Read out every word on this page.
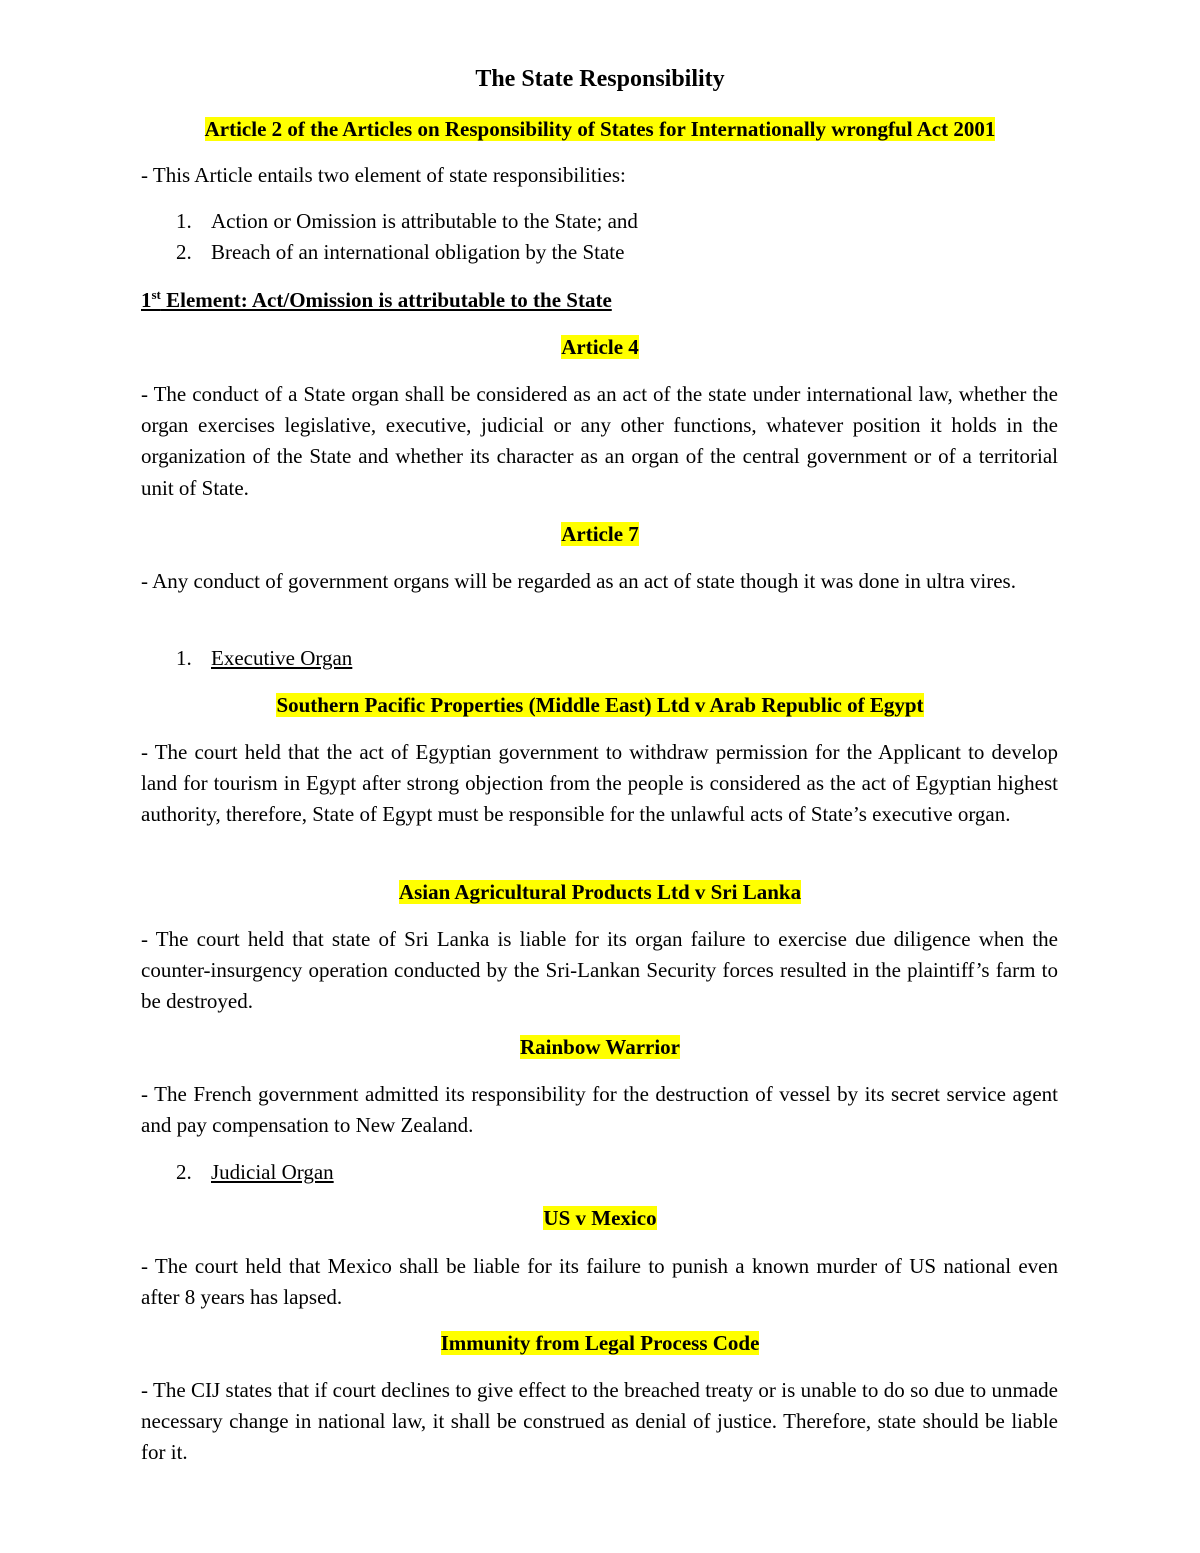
The State Responsibility
Article 2 of the Articles on Responsibility of States for Internationally wrongful Act 2001
- This Article entails two element of state responsibilities:
1. Action or Omission is attributable to the State; and
2. Breach of an international obligation by the State
1st Element: Act/Omission is attributable to the State
Article 4
- The conduct of a State organ shall be considered as an act of the state under international law, whether the organ exercises legislative, executive, judicial or any other functions, whatever position it holds in the organization of the State and whether its character as an organ of the central government or of a territorial unit of State.
Article 7
- Any conduct of government organs will be regarded as an act of state though it was done in ultra vires.
1. Executive Organ
Southern Pacific Properties (Middle East) Ltd v Arab Republic of Egypt
- The court held that the act of Egyptian government to withdraw permission for the Applicant to develop land for tourism in Egypt after strong objection from the people is considered as the act of Egyptian highest authority, therefore, State of Egypt must be responsible for the unlawful acts of State’s executive organ.
Asian Agricultural Products Ltd v Sri Lanka
- The court held that state of Sri Lanka is liable for its organ failure to exercise due diligence when the counter-insurgency operation conducted by the Sri-Lankan Security forces resulted in the plaintiff’s farm to be destroyed.
Rainbow Warrior
- The French government admitted its responsibility for the destruction of vessel by its secret service agent and pay compensation to New Zealand.
2. Judicial Organ
US v Mexico
- The court held that Mexico shall be liable for its failure to punish a known murder of US national even after 8 years has lapsed.
Immunity from Legal Process Code
- The CIJ states that if court declines to give effect to the breached treaty or is unable to do so due to unmade necessary change in national law, it shall be construed as denial of justice. Therefore, state should be liable for it.
